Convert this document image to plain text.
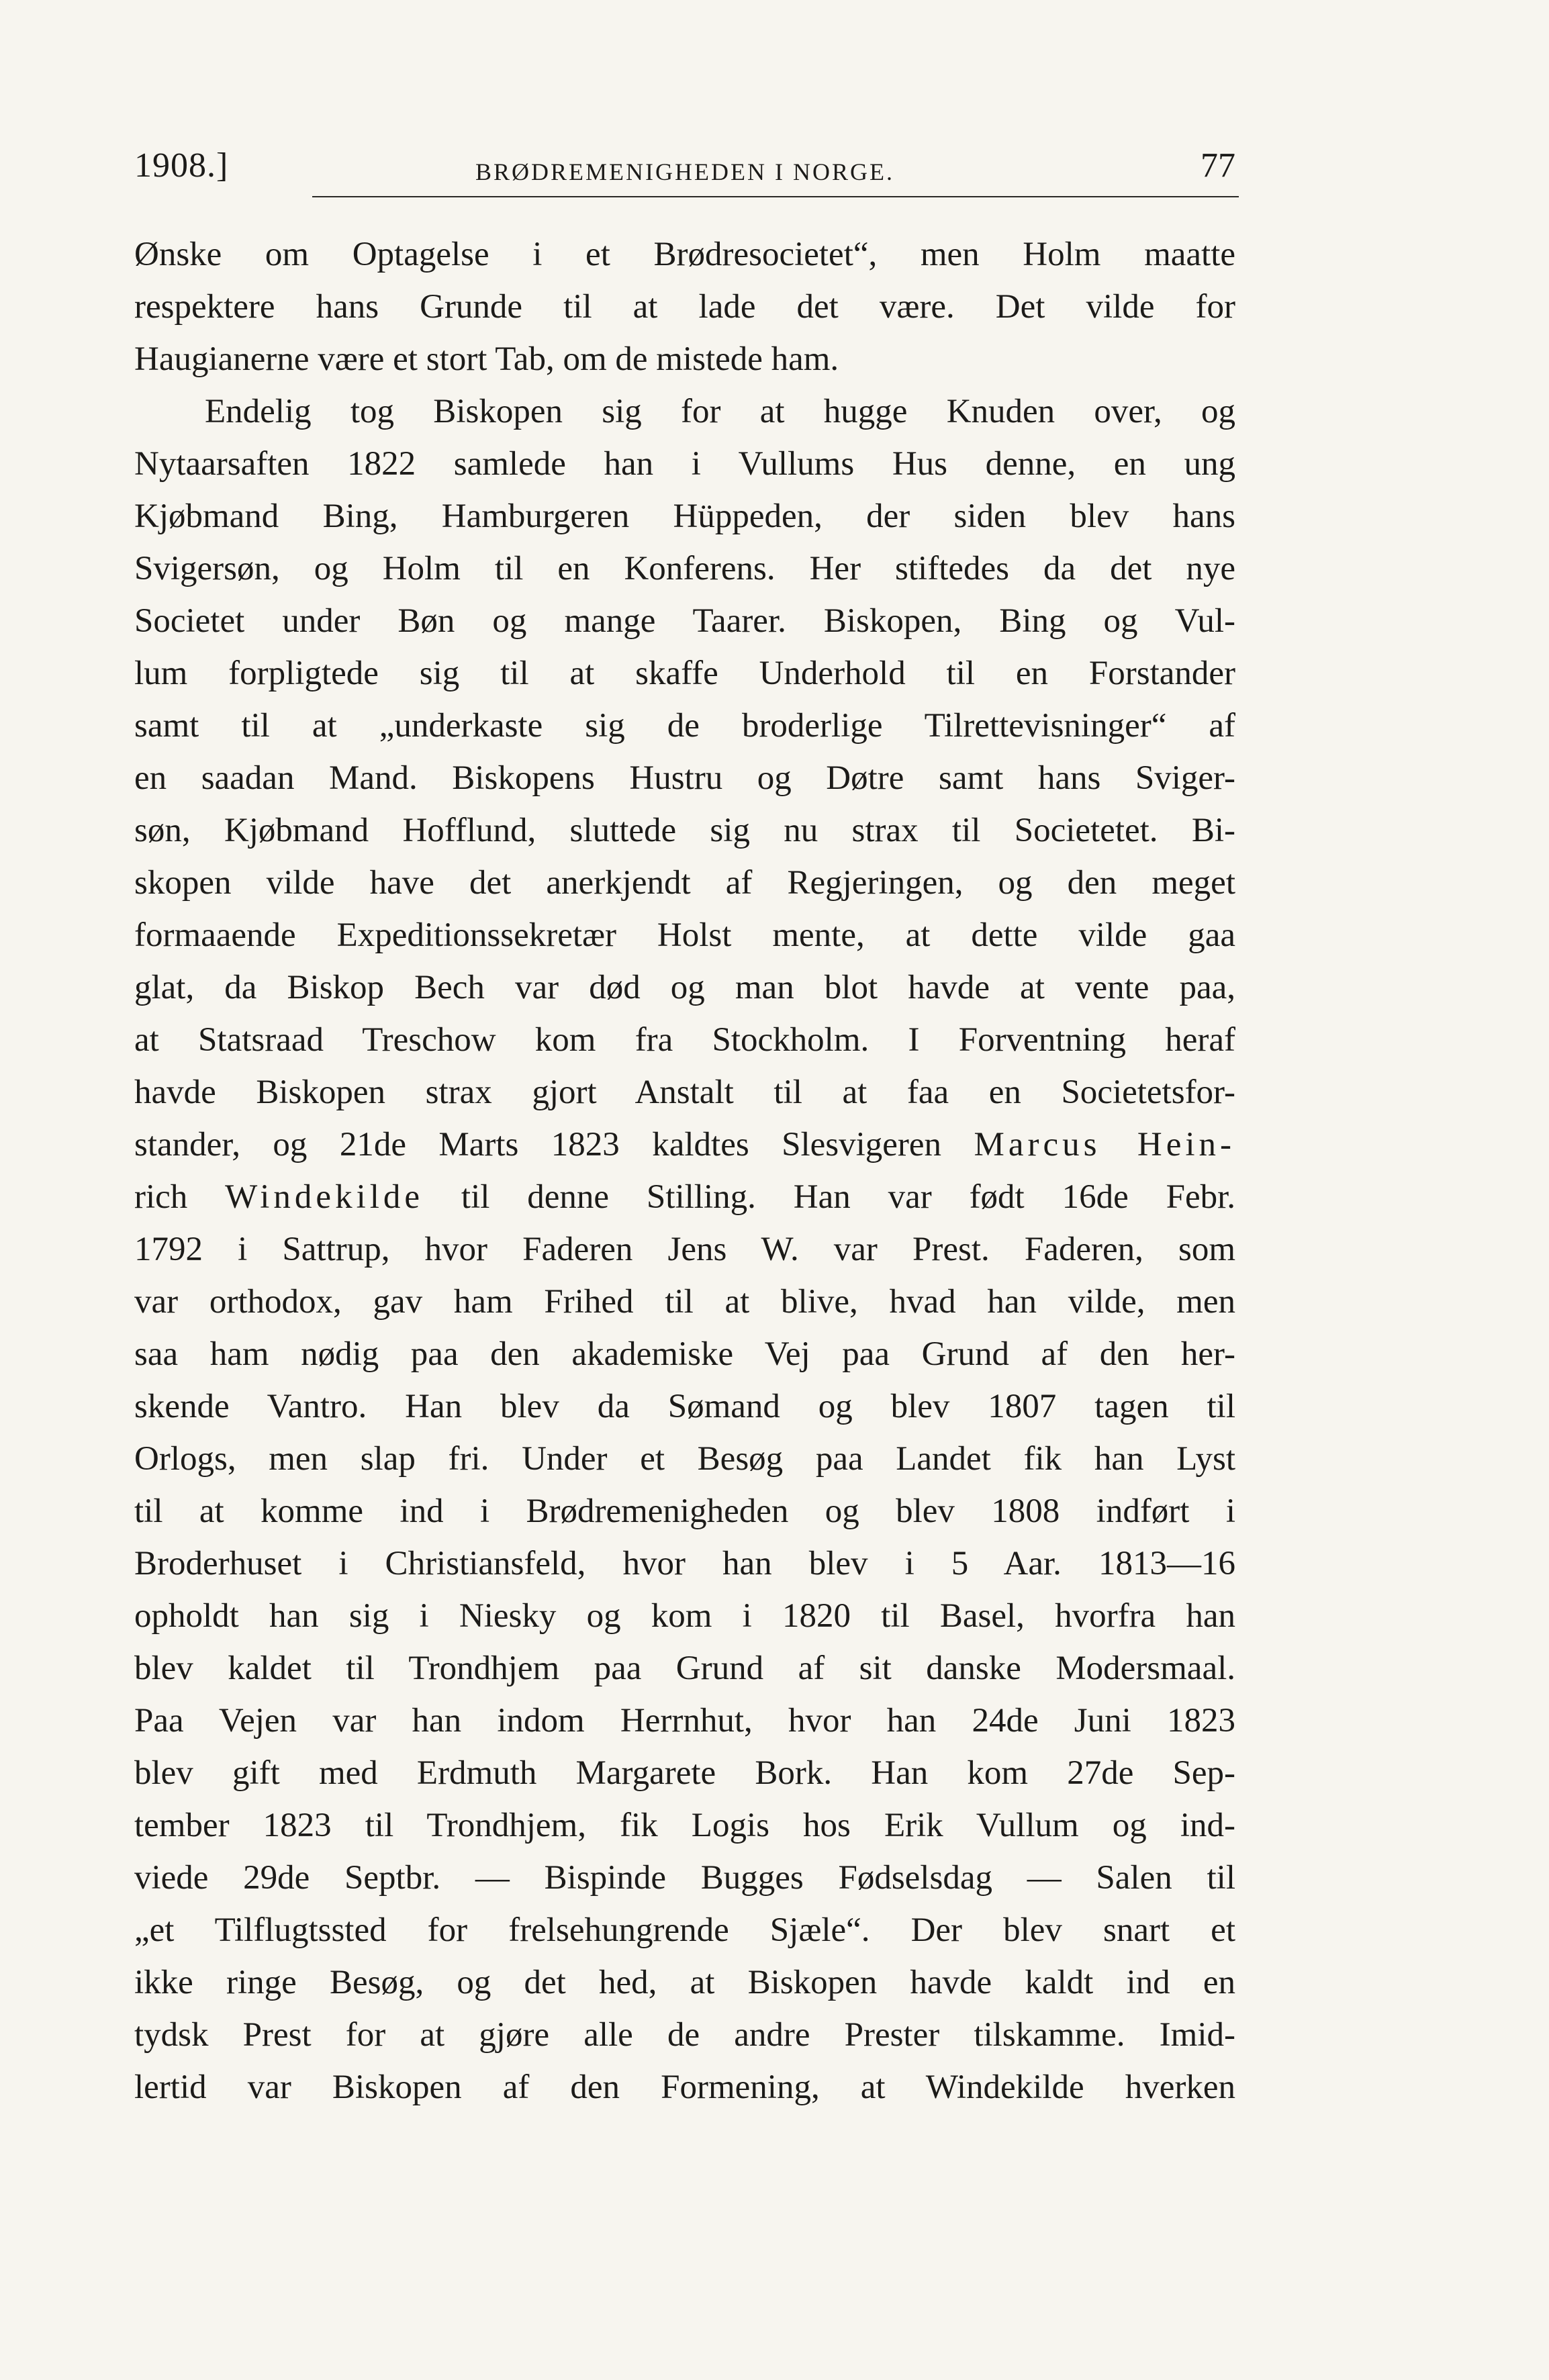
1908.]	BRØDREMENIGHEDEN I NORGE.	77
Ønske om Optagelse i et Brødresocietet“, men Holm maatte
respektere hans Grunde til at lade det være. Det vilde for
Haugianerne være et stort Tab, om de mistede ham.
Endelig tog Biskopen sig for at hugge Knuden over, og
Nytaarsaften 1822 samlede han i Vullums Hus denne, en ung
Kjøbmand Bing, Hamburgeren Hüppeden, der siden blev hans
Svigersøn, og Holm til en Konferens. Her stiftedes da det nye
Societet under Bøn og mange Taarer. Biskopen, Bing og Vul-
lum forpligtede sig til at skaffe Underhold til en Forstander
samt til at „underkaste sig de broderlige Tilrettevisninger“ af
en saadan Mand. Biskopens Hustru og Døtre samt hans Sviger-
søn, Kjøbmand Hofflund, sluttede sig nu strax til Societetet. Bi-
skopen vilde have det anerkjendt af Regjeringen, og den meget
formaaende Expeditionssekretær Holst mente, at dette vilde gaa
glat, da Biskop Bech var død og man blot havde at vente paa,
at Statsraad Treschow kom fra Stockholm. I Forventning heraf
havde Biskopen strax gjort Anstalt til at faa en Societetsfor-
stander, og 21de Marts 1823 kaldtes Slesvigeren Marcus Hein-
rich Windekilde til denne Stilling. Han var født 16de Febr.
1792 i Sattrup, hvor Faderen Jens W. var Prest. Faderen, som
var orthodox, gav ham Frihed til at blive, hvad han vilde, men
saa ham nødig paa den akademiske Vej paa Grund af den her-
skende Vantro. Han blev da Sømand og blev 1807 tagen til
Orlogs, men slap fri. Under et Besøg paa Landet fik han Lyst
til at komme ind i Brødremenigheden og blev 1808 indført i
Broderhuset i Christiansfeld, hvor han blev i 5 Aar. 1813—16
opholdt han sig i Niesky og kom i 1820 til Basel, hvorfra han
blev kaldet til Trondhjem paa Grund af sit danske Modersmaal.
Paa Vejen var han indom Herrnhut, hvor han 24de Juni 1823
blev gift med Erdmuth Margarete Bork. Han kom 27de Sep-
tember 1823 til Trondhjem, fik Logis hos Erik Vullum og ind-
viede 29de Septbr. — Bispinde Bugges Fødselsdag — Salen til
„et Tilflugtssted for frelsehungrende Sjæle“. Der blev snart et
ikke ringe Besøg, og det hed, at Biskopen havde kaldt ind en
tydsk Prest for at gjøre alle de andre Prester tilskamme. Imid-
lertid var Biskopen af den Formening, at Windekilde hverken
